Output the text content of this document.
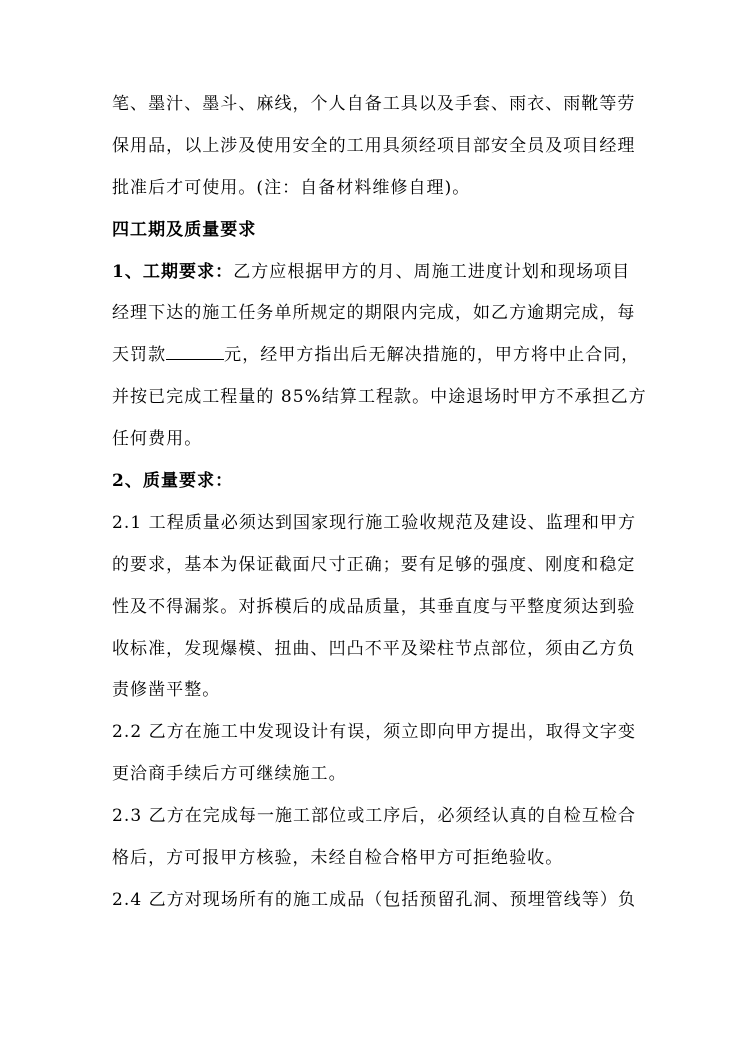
笔、墨汁、墨斗、麻线，个人自备工具以及手套、雨衣、雨靴等劳
保用品，以上涉及使用安全的工用具须经项目部安全员及项目经理
批准后才可使用。(注：自备材料维修自理)。
四工期及质量要求
1、工期要求：乙方应根据甲方的月、周施工进度计划和现场项目
经理下达的施工任务单所规定的期限内完成，如乙方逾期完成，每
天罚款	元，经甲方指出后无解决措施的，甲方将中止合同，
并按已完成工程量的 85%结算工程款。中途退场时甲方不承担乙方
任何费用。
2、质量要求：
2.1 工程质量必须达到国家现行施工验收规范及建设、监理和甲方
的要求，基本为保证截面尺寸正确；要有足够的强度、刚度和稳定
性及不得漏浆。对拆模后的成品质量，其垂直度与平整度须达到验
收标准，发现爆模、扭曲、凹凸不平及梁柱节点部位，须由乙方负
责修凿平整。
2.2 乙方在施工中发现设计有误，须立即向甲方提出，取得文字变
更洽商手续后方可继续施工。
2.3 乙方在完成每一施工部位或工序后，必须经认真的自检互检合
格后，方可报甲方核验，未经自检合格甲方可拒绝验收。
2.4 乙方对现场所有的施工成品（包括预留孔洞、预埋管线等）负
